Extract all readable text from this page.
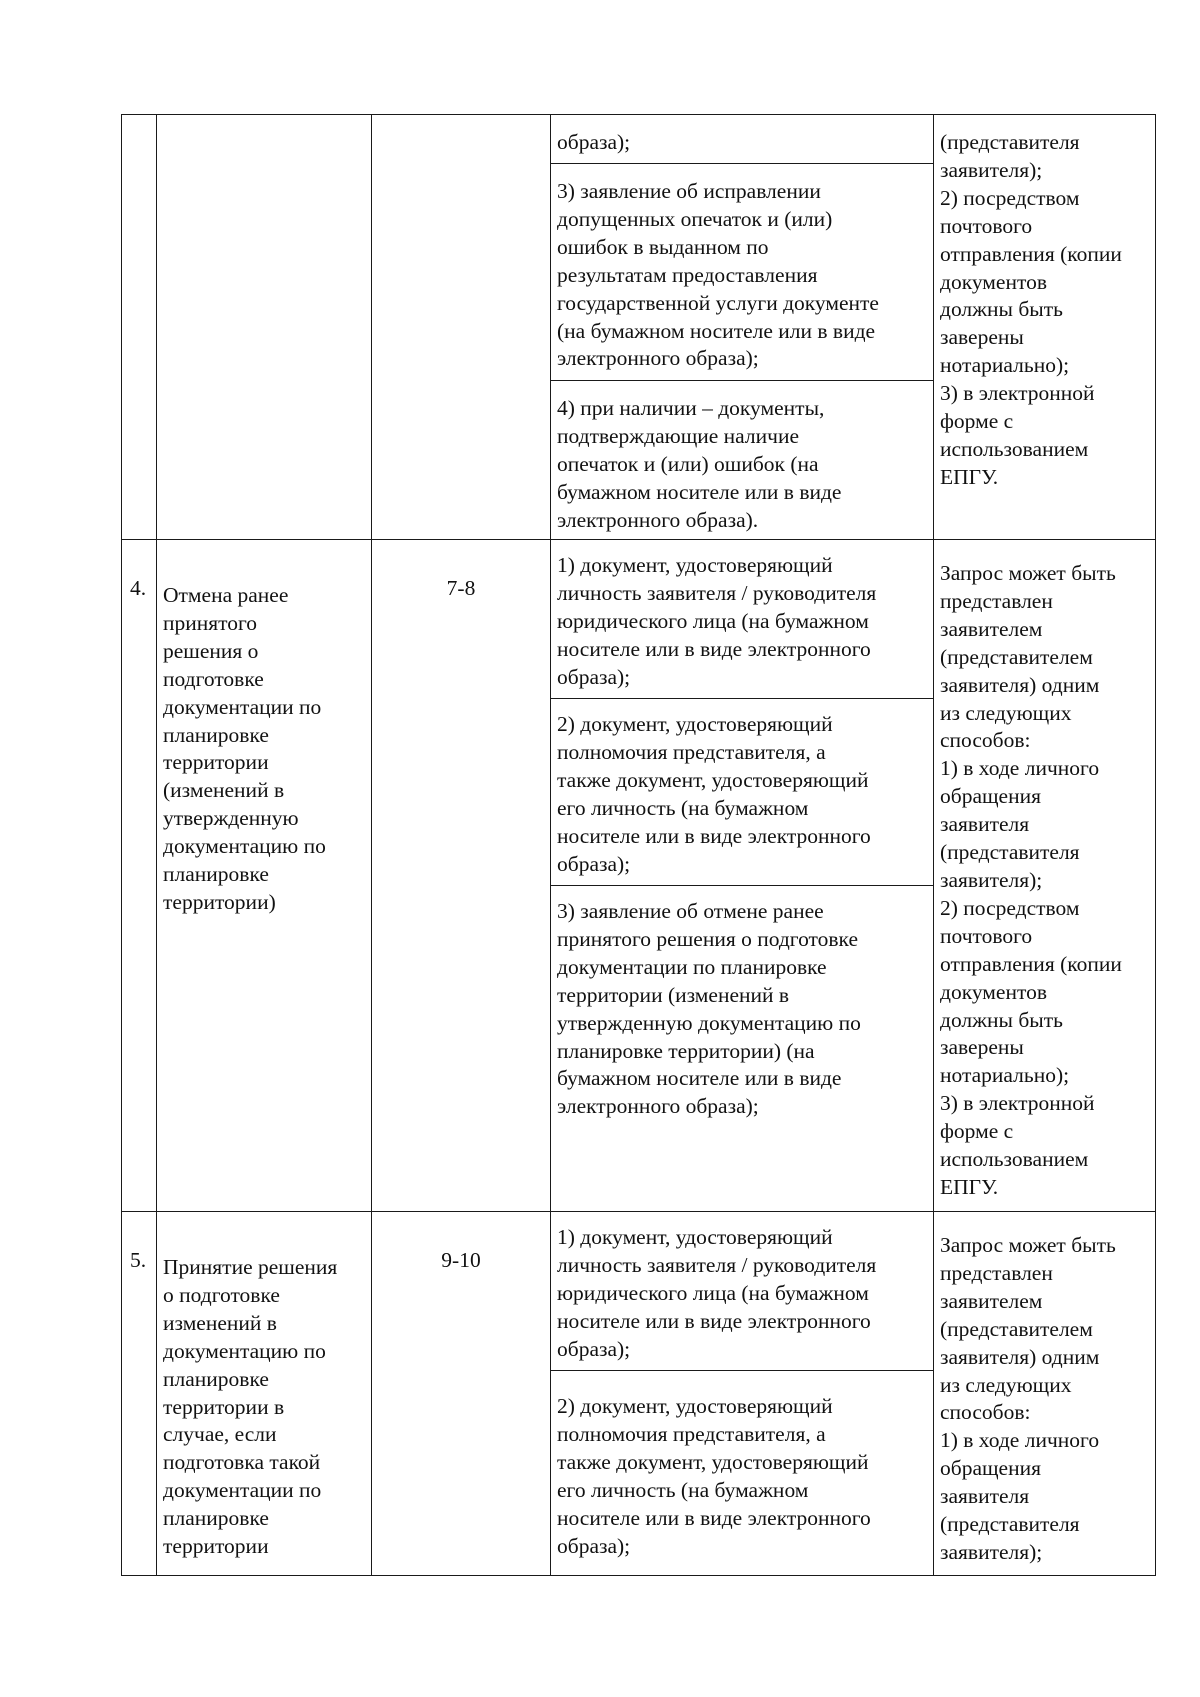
образа);
3) заявление об исправлении
допущенных опечаток и (или)
ошибок в выданном по
результатам предоставления
государственной услуги документе
(на бумажном носителе или в виде
электронного образа);
4) при наличии – документы,
подтверждающие наличие
опечаток и (или) ошибок (на
бумажном носителе или в виде
электронного образа).
(представителя
заявителя);
2) посредством
почтового
отправления (копии
документов
должны быть
заверены
нотариально);
3) в электронной
форме с
использованием
ЕПГУ.
4. Отмена ранее
принятого
решения о
подготовке
документации по
планировке
территории
(изменений в
утвержденную
документацию по
планировке
территории)
7-8
1) документ, удостоверяющий
личность заявителя / руководителя
юридического лица (на бумажном
носителе или в виде электронного
образа);
2) документ, удостоверяющий
полномочия представителя, а
также документ, удостоверяющий
его личность (на бумажном
носителе или в виде электронного
образа);
3) заявление об отмене ранее
принятого решения о подготовке
документации по планировке
территории (изменений в
утвержденную документацию по
планировке территории) (на
бумажном носителе или в виде
электронного образа);
Запрос может быть
представлен
заявителем
(представителем
заявителя) одним
из следующих
способов:
1) в ходе личного
обращения
заявителя
(представителя
заявителя);
2) посредством
почтового
отправления (копии
документов
должны быть
заверены
нотариально);
3) в электронной
форме с
использованием
ЕПГУ.
5. Принятие решения
о подготовке
изменений в
документацию по
планировке
территории в
случае, если
подготовка такой
документации по
планировке
территории
9-10
1) документ, удостоверяющий
личность заявителя / руководителя
юридического лица (на бумажном
носителе или в виде электронного
образа);
2) документ, удостоверяющий
полномочия представителя, а
также документ, удостоверяющий
его личность (на бумажном
носителе или в виде электронного
образа);
Запрос может быть
представлен
заявителем
(представителем
заявителя) одним
из следующих
способов:
1) в ходе личного
обращения
заявителя
(представителя
заявителя);
